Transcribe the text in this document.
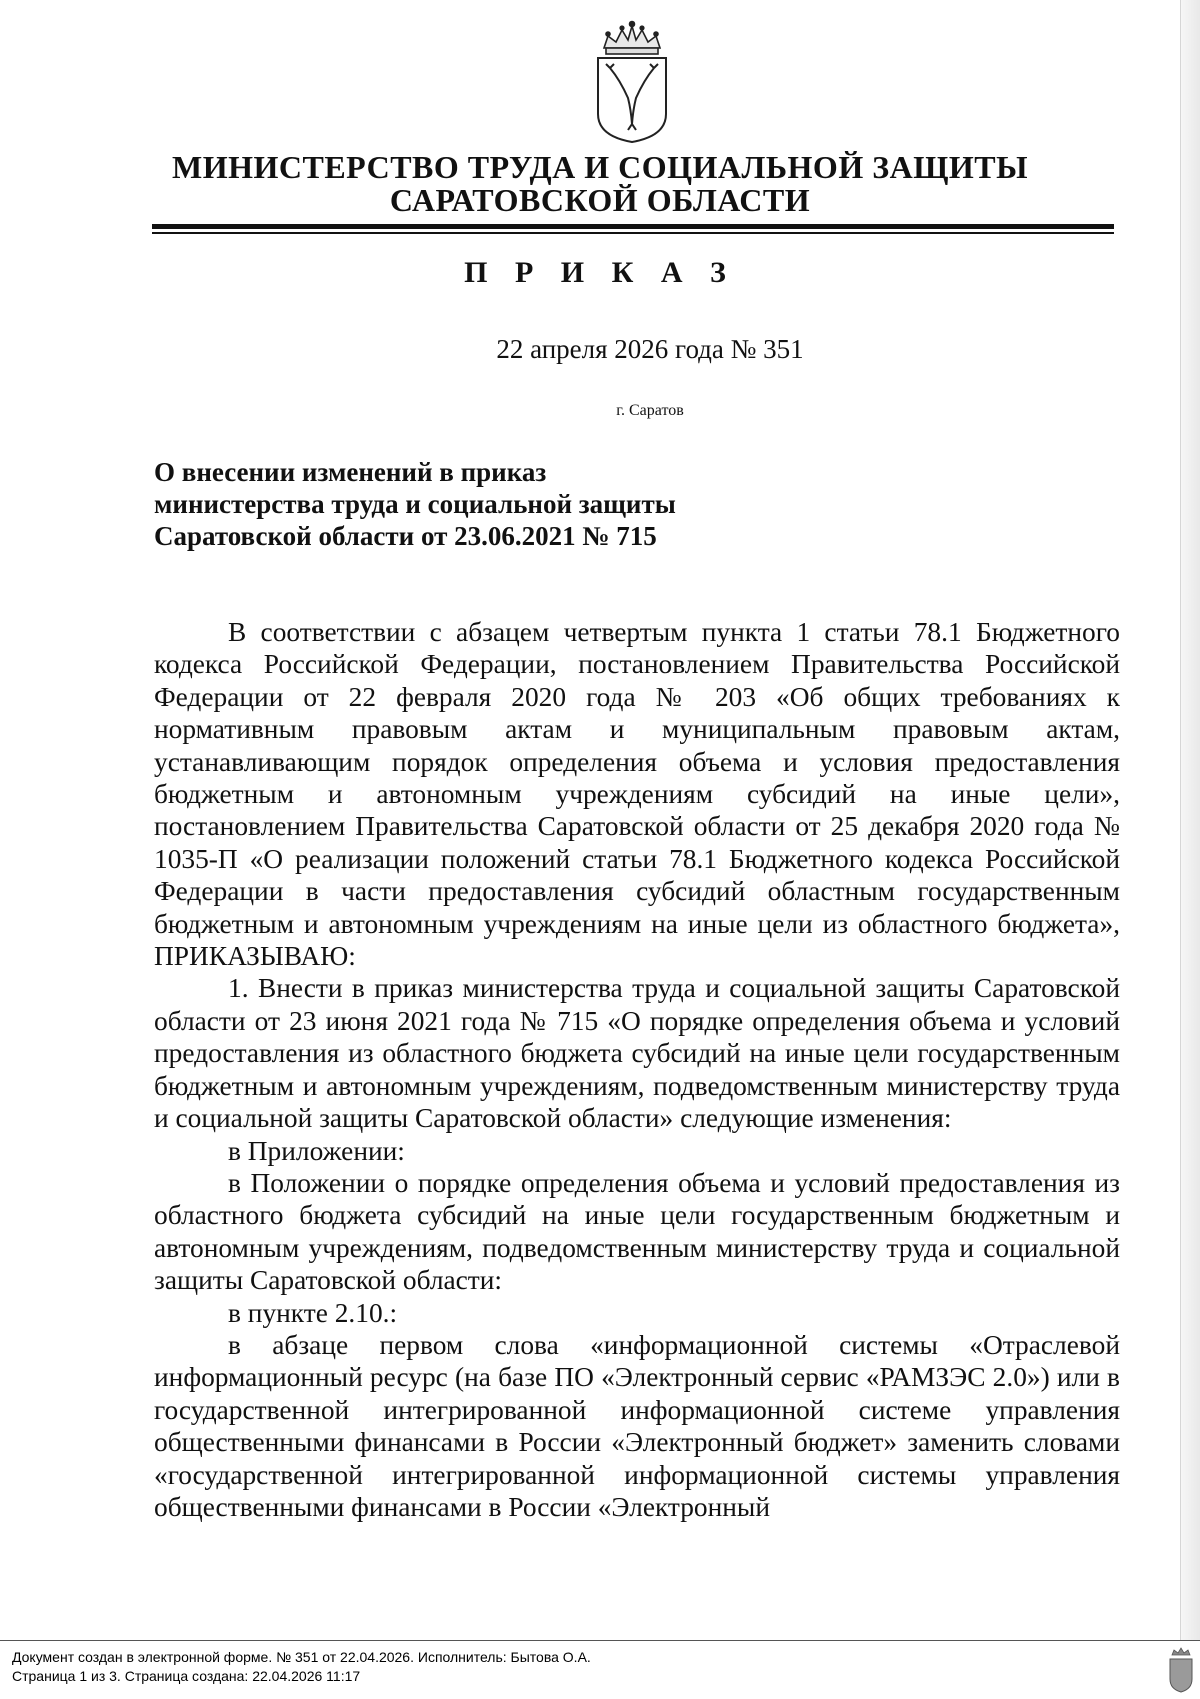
МИНИСТЕРСТВО ТРУДА И СОЦИАЛЬНОЙ ЗАЩИТЫ
САРАТОВСКОЙ ОБЛАСТИ
П Р И К А З
22 апреля 2026 года № 351
г. Саратов
О внесении изменений в приказ министерства труда и социальной защиты Саратовской области от 23.06.2021 № 715

В соответствии с абзацем четвертым пункта 1 статьи 78.1 Бюджетного кодекса Российской Федерации, постановлением Правительства Российской Федерации от 22 февраля 2020 года № 203 «Об общих требованиях к нормативным правовым актам и муниципальным правовым актам, устанавливающим порядок определения объема и условия предоставления бюджетным и автономным учреждениям субсидий на иные цели», постановлением Правительства Саратовской области от 25 декабря 2020 года № 1035-П «О реализации положений статьи 78.1 Бюджетного кодекса Российской Федерации в части предоставления субсидий областным государственным бюджетным и автономным учреждениям на иные цели из областного бюджета», ПРИКАЗЫВАЮ:

1. Внести в приказ министерства труда и социальной защиты Саратовской области от 23 июня 2021 года № 715 «О порядке определения объема и условий предоставления из областного бюджета субсидий на иные цели государственным бюджетным и автономным учреждениям, подведомственным министерству труда и социальной защиты Саратовской области» следующие изменения:

в Приложении:

в Положении о порядке определения объема и условий предоставления из областного бюджета субсидий на иные цели государственным бюджетным и автономным учреждениям, подведомственным министерству труда и социальной защиты Саратовской области:

в пункте 2.10.:

в абзаце первом слова «информационной системы «Отраслевой информационный ресурс (на базе ПО «Электронный сервис «РАМЗЭС 2.0») или в государственной интегрированной информационной системе управления общественными финансами в России «Электронный бюджет» заменить словами «государственной интегрированной информационной системы управления общественными финансами в России «Электронный

Документ создан в электронной форме. № 351 от 22.04.2026. Исполнитель: Бытова О.А.
Страница 1 из 3. Страница создана: 22.04.2026 11:17
